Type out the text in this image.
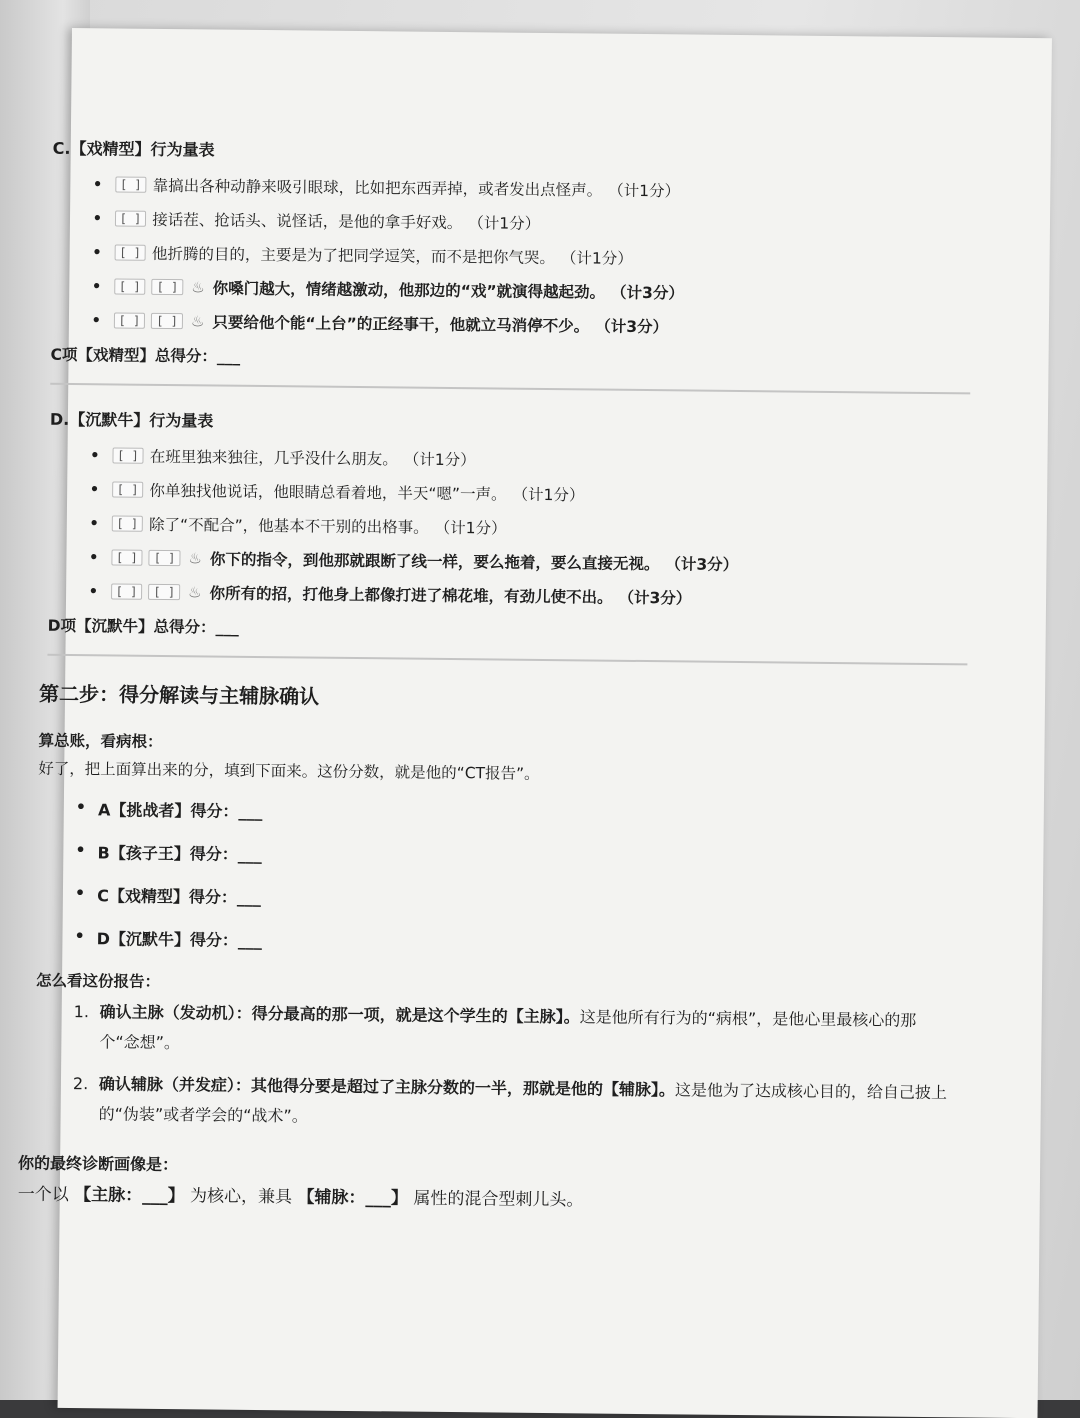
C.【戏精型】行为量表
• [ ] 靠搞出各种动静来吸引眼球，比如把东西弄掉，或者发出点怪声。 （计1分）
• [ ] 接话茬、抢话头、说怪话，是他的拿手好戏。 （计1分）
• [ ] 他折腾的目的，主要是为了把同学逗笑，而不是把你气哭。 （计1分）
• [ ]	[ ] ♨ 你嗓门越大，情绪越激动，他那边的“戏”就演得越起劲。 （计3分）
• [ ]	[ ] ♨ 只要给他个能“上台”的正经事干，他就立马消停不少。 （计3分）
C项【戏精型】总得分：___
D.【沉默牛】行为量表
• [ ] 在班里独来独往，几乎没什么朋友。 （计1分）
• [ ] 你单独找他说话，他眼睛总看着地，半天“嗯”一声。 （计1分）
• [ ] 除了“不配合”，他基本不干别的出格事。 （计1分）
• [ ]	[ ] ♨ 你下的指令，到他那就跟断了线一样，要么拖着，要么直接无视。 （计3分）
• [ ]	[ ] ♨ 你所有的招，打他身上都像打进了棉花堆，有劲儿使不出。 （计3分）
D项【沉默牛】总得分：___
第二步：得分解读与主辅脉确认
算总账，看病根：
好了，把上面算出来的分，填到下面来。这份分数，就是他的“CT报告”。
• A【挑战者】得分：___
• B【孩子王】得分：___
• C【戏精型】得分：___
• D【沉默牛】得分：___
怎么看这份报告：
1. 确认主脉（发动机）：得分最高的那一项，就是这个学生的【主脉】。这是他所有行为的“病根”，是他心里最核心的那个“念想”。
2. 确认辅脉（并发症）：其他得分要是超过了主脉分数的一半，那就是他的【辅脉】。这是他为了达成核心目的，给自己披上的“伪装”或者学会的“战术”。
你的最终诊断画像是：
一个以 【主脉：___】 为核心，兼具 【辅脉：___】 属性的混合型刺儿头。
